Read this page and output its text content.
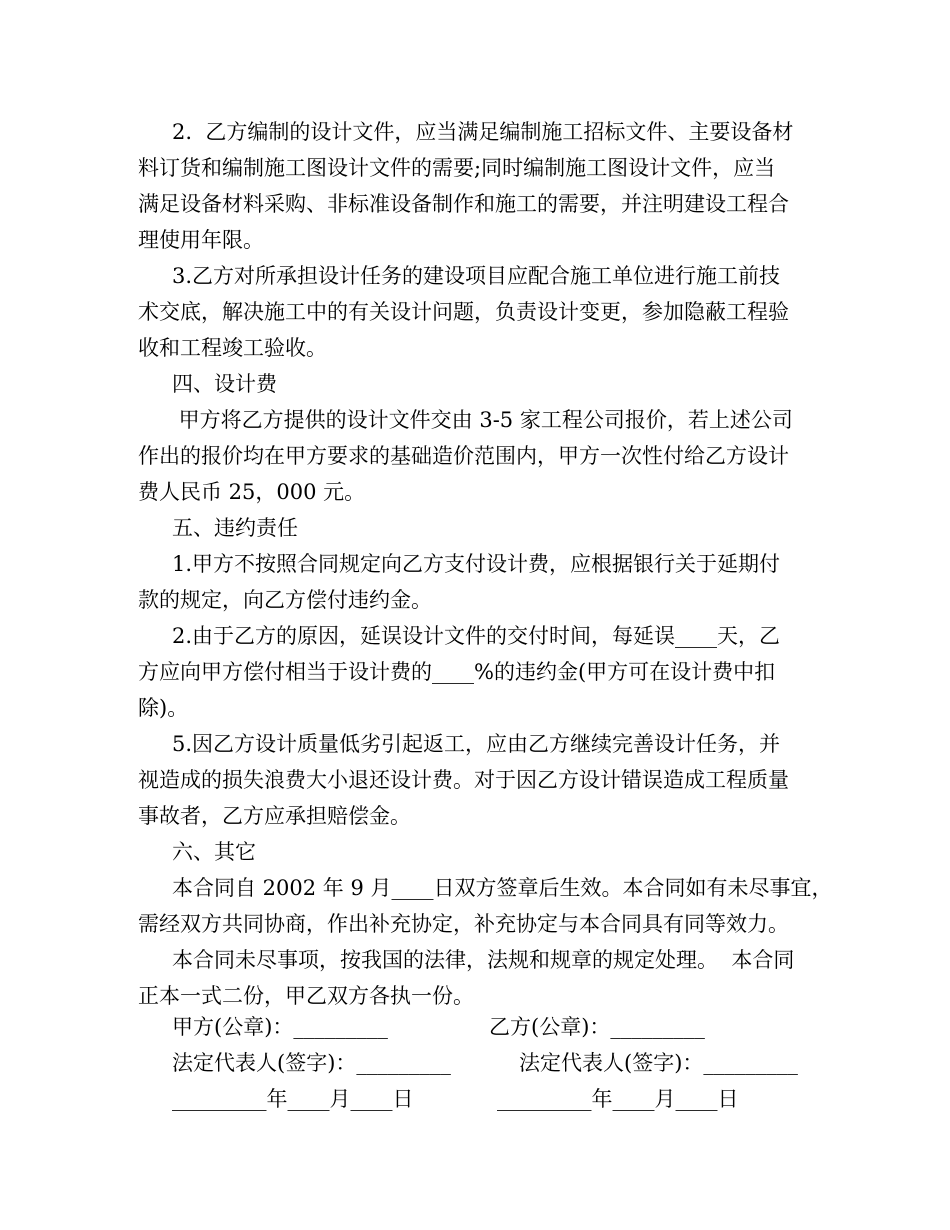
2.  乙方编制的设计文件，应当满足编制施工招标文件、主要设备材
料订货和编制施工图设计文件的需要;同时编制施工图设计文件，应当
满足设备材料采购、非标准设备制作和施工的需要，并注明建设工程合
理使用年限。
3.乙方对所承担设计任务的建设项目应配合施工单位进行施工前技
术交底，解决施工中的有关设计问题，负责设计变更，参加隐蔽工程验
收和工程竣工验收。
四、设计费
甲方将乙方提供的设计文件交由 3-5 家工程公司报价，若上述公司
作出的报价均在甲方要求的基础造价范围内，甲方一次性付给乙方设计
费人民币 25，000 元。
五、违约责任
1.甲方不按照合同规定向乙方支付设计费，应根据银行关于延期付
款的规定，向乙方偿付违约金。
2.由于乙方的原因，延误设计文件的交付时间，每延误____天，乙
方应向甲方偿付相当于设计费的____%的违约金(甲方可在设计费中扣
除)。
5.因乙方设计质量低劣引起返工，应由乙方继续完善设计任务，并
视造成的损失浪费大小退还设计费。对于因乙方设计错误造成工程质量
事故者，乙方应承担赔偿金。
六、其它
本合同自 2002 年 9 月____日双方签章后生效。本合同如有未尽事宜，
需经双方共同协商，作出补充协定，补充协定与本合同具有同等效力。
本合同未尽事项，按我国的法律，法规和规章的规定处理。  本合同
正本一式二份，甲乙双方各执一份。
甲方(公章)：_________	乙方(公章)：_________
法定代表人(签字)：_________	法定代表人(签字)：_________
_________年____月____日	_________年____月____日
